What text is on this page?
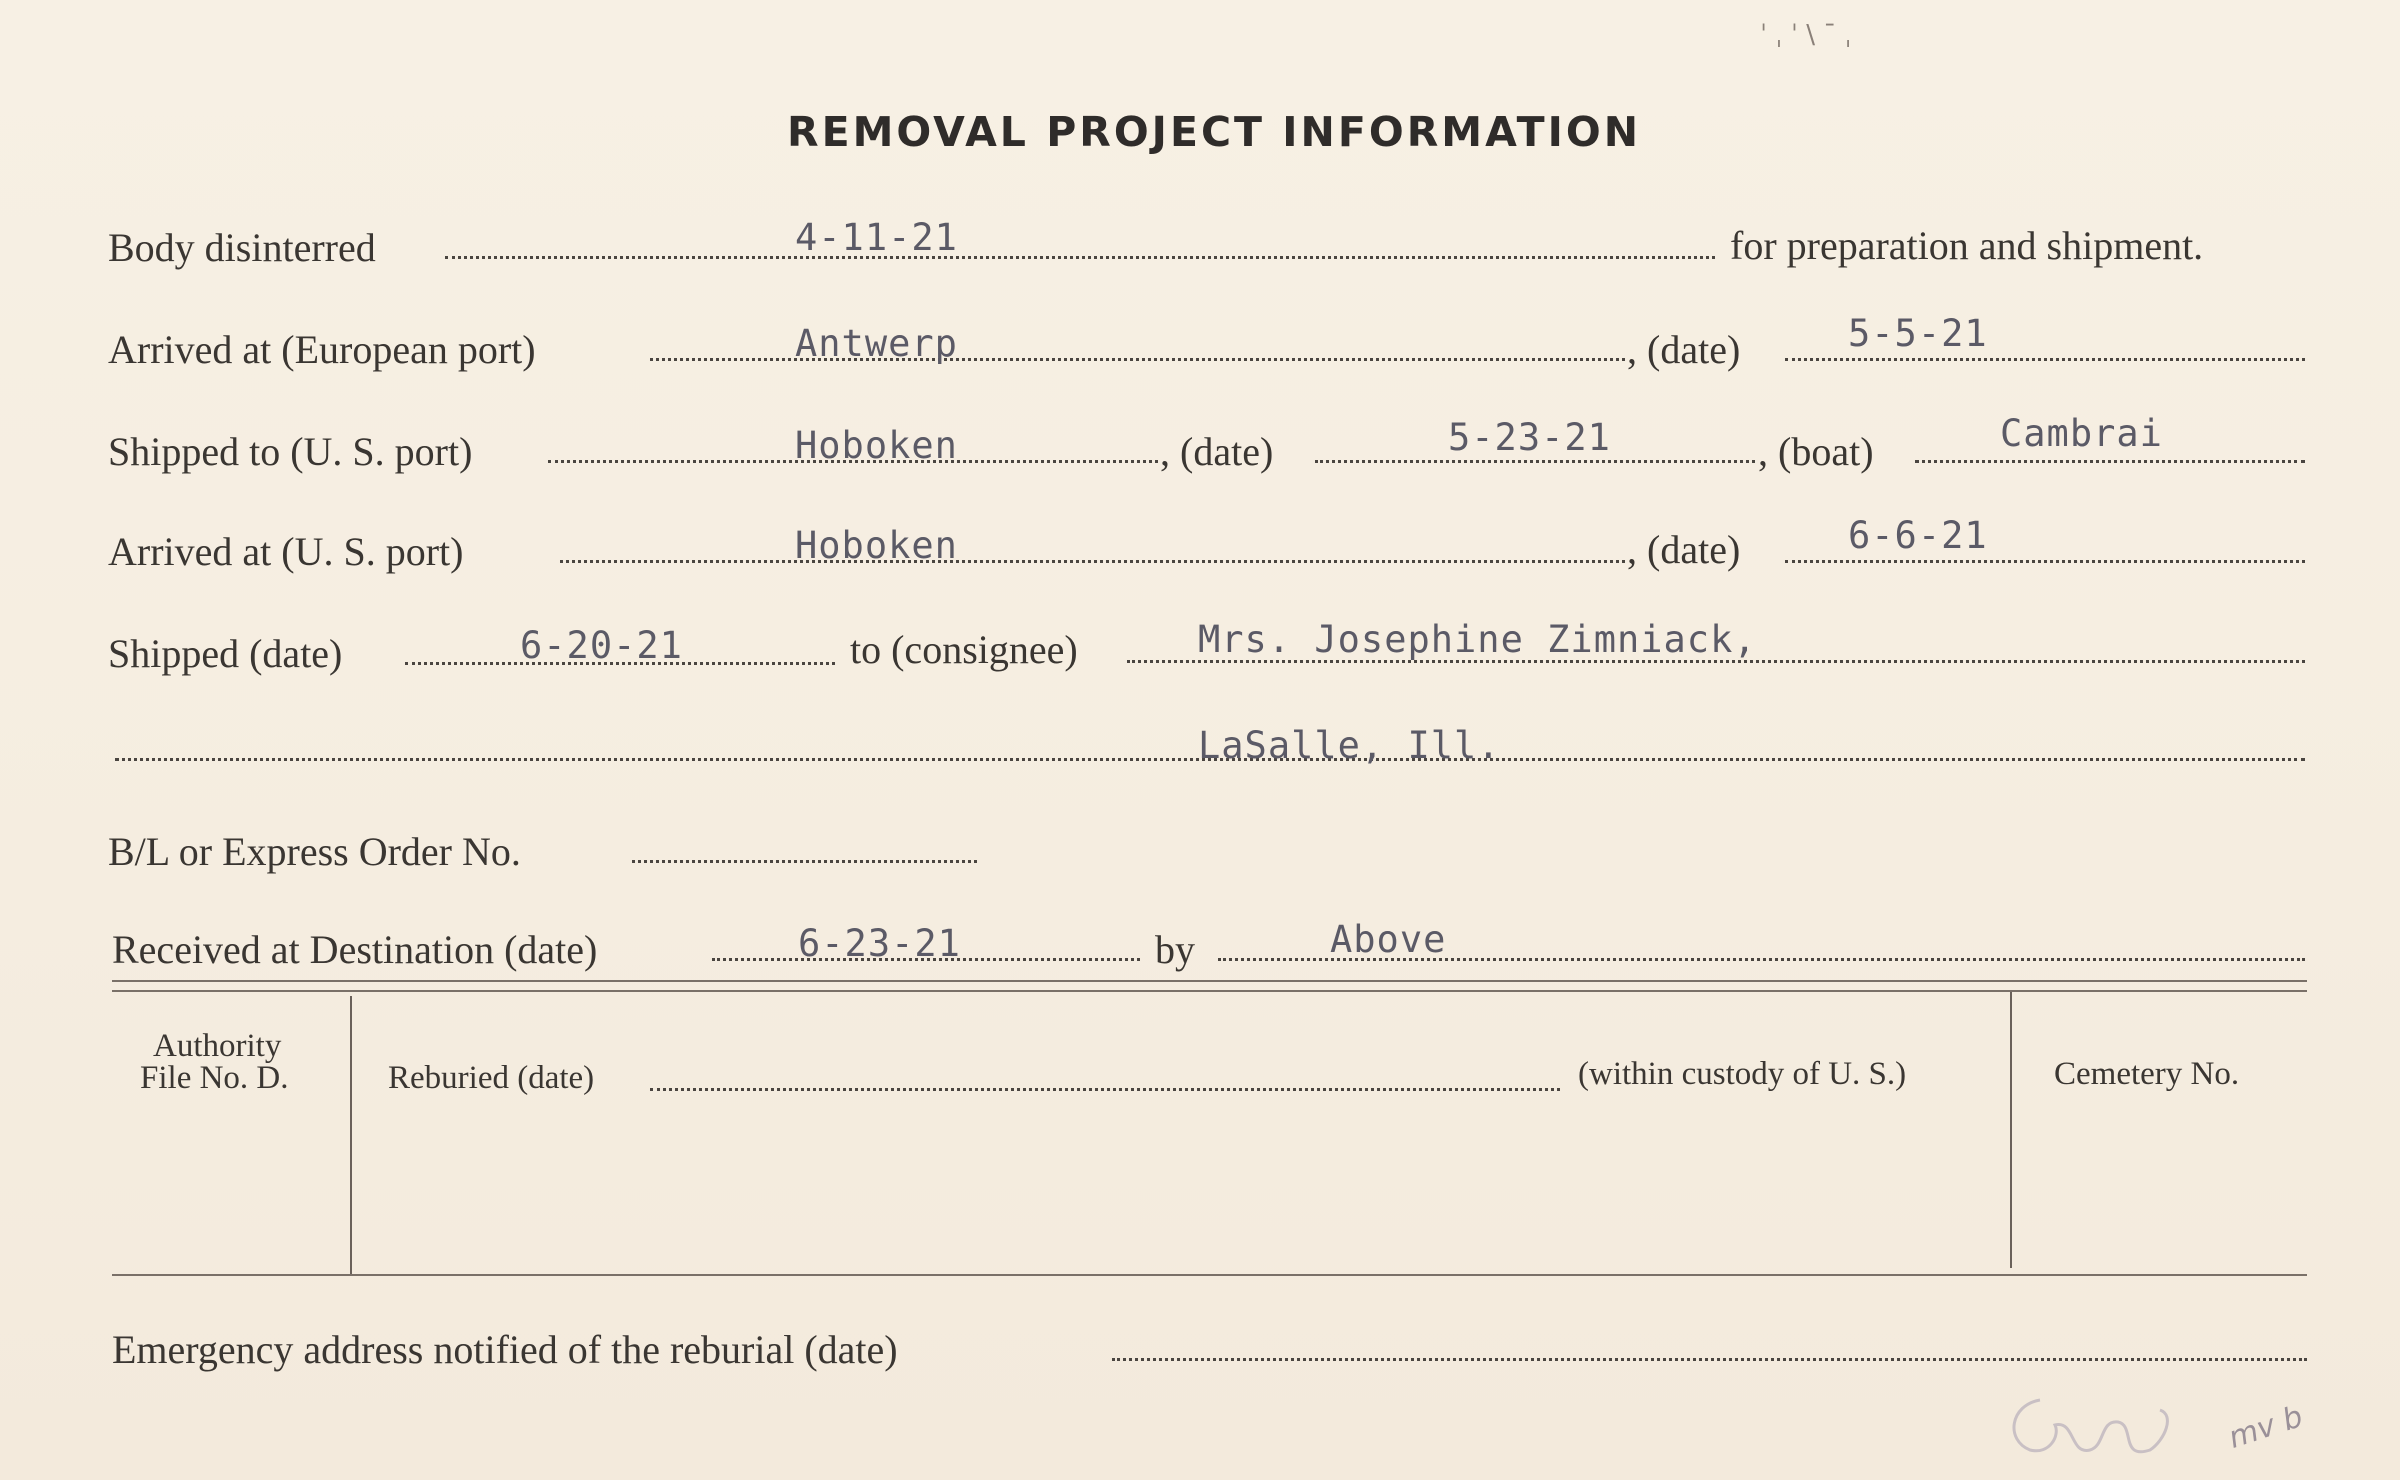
REMOVAL PROJECT INFORMATION
Body disinterred	4-11-21	for preparation and shipment.
Arrived at (European port)	Antwerp	, (date)	5-5-21
Shipped to (U. S. port)	Hoboken	, (date)	5-23-21	, (boat)	Cambrai
Arrived at (U. S. port)	Hoboken	, (date)	6-6-21
Shipped (date)	6-20-21	to (consignee)	Mrs. Josephine Zimniack,
LaSalle, Ill.
B/L or Express Order No.
Received at Destination (date)	6-23-21	by	Above
Authority
File No. D.	Reburied (date)	(within custody of U. S.)	Cemetery No.
Emergency address notified of the reburial (date)
mv b
ˈ ˌ ˈ \ ˉ ˌ
